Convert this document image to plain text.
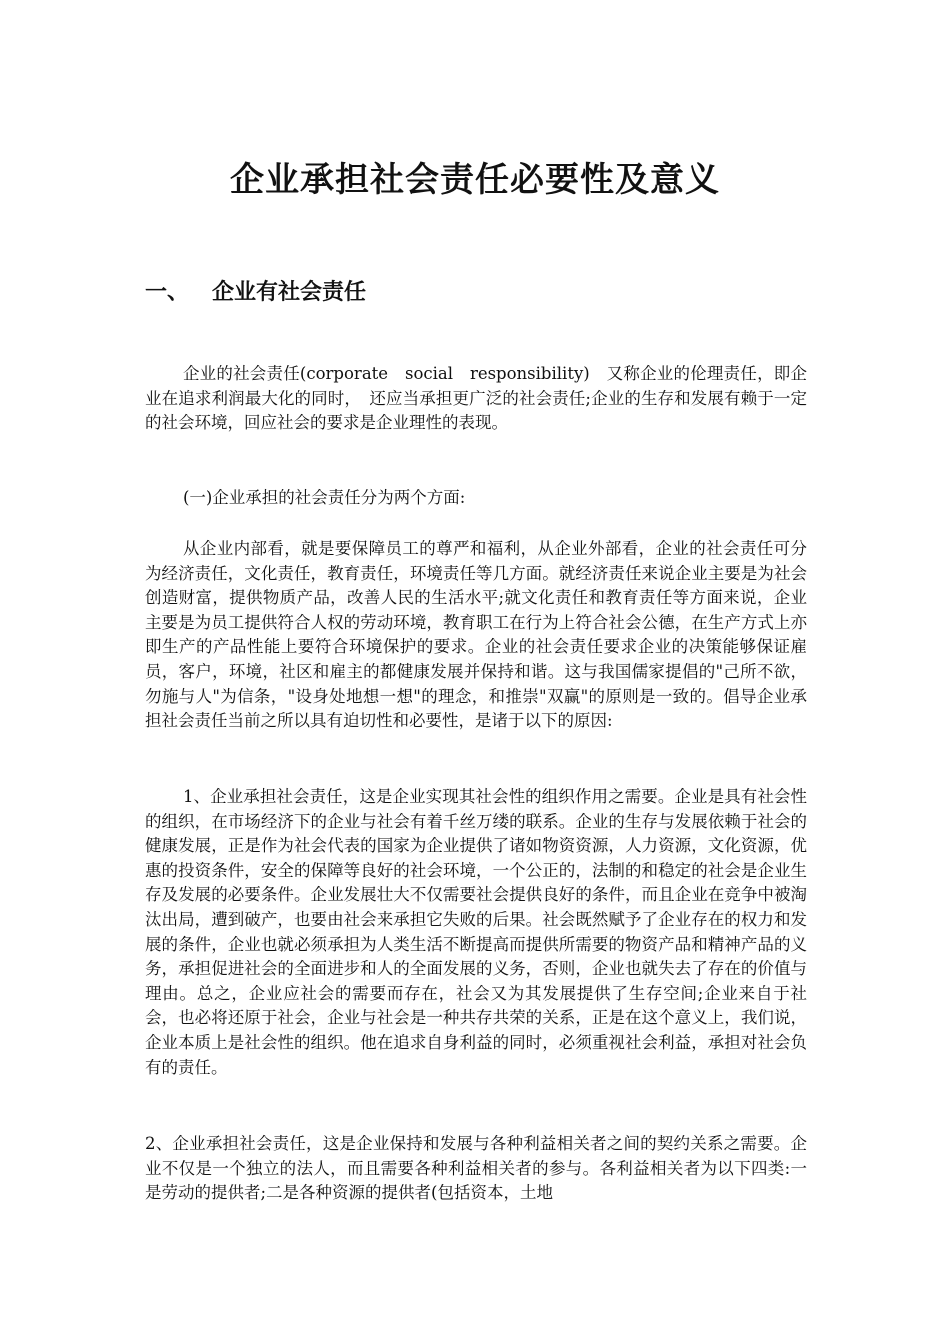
企业承担社会责任必要性及意义
一、 企业有社会责任

企业的社会责任(corporate　social　responsibility)　又称企业的伦理责任，即企业在追求利润最大化的同时，　还应当承担更广泛的社会责任;企业的生存和发展有赖于一定的社会环境，回应社会的要求是企业理性的表现。

(一)企业承担的社会责任分为两个方面:

从企业内部看，就是要保障员工的尊严和福利，从企业外部看，企业的社会责任可分为经济责任，文化责任，教育责任，环境责任等几方面。就经济责任来说企业主要是为社会创造财富，提供物质产品，改善人民的生活水平;就文化责任和教育责任等方面来说，企业主要是为员工提供符合人权的劳动环境，教育职工在行为上符合社会公德，在生产方式上亦即生产的产品性能上要符合环境保护的要求。企业的社会责任要求企业的决策能够保证雇员，客户，环境，社区和雇主的都健康发展并保持和谐。这与我国儒家提倡的"己所不欲，勿施与人"为信条，"设身处地想一想"的理念，和推崇"双赢"的原则是一致的。倡导企业承担社会责任当前之所以具有迫切性和必要性，是诸于以下的原因:

1、企业承担社会责任，这是企业实现其社会性的组织作用之需要。企业是具有社会性的组织，在市场经济下的企业与社会有着千丝万缕的联系。企业的生存与发展依赖于社会的健康发展，正是作为社会代表的国家为企业提供了诸如物资资源，人力资源，文化资源，优惠的投资条件，安全的保障等良好的社会环境，一个公正的，法制的和稳定的社会是企业生存及发展的必要条件。企业发展壮大不仅需要社会提供良好的条件，而且企业在竞争中被淘汰出局，遭到破产，也要由社会来承担它失败的后果。社会既然赋予了企业存在的权力和发展的条件，企业也就必须承担为人类生活不断提高而提供所需要的物资产品和精神产品的义务，承担促进社会的全面进步和人的全面发展的义务，否则，企业也就失去了存在的价值与理由。总之，企业应社会的需要而存在，社会又为其发展提供了生存空间;企业来自于社会，也必将还原于社会，企业与社会是一种共存共荣的关系，正是在这个意义上，我们说，企业本质上是社会性的组织。他在追求自身利益的同时，必须重视社会利益，承担对社会负有的责任。

2、企业承担社会责任，这是企业保持和发展与各种利益相关者之间的契约关系之需要。企业不仅是一个独立的法人，而且需要各种利益相关者的参与。各利益相关者为以下四类:一是劳动的提供者;二是各种资源的提供者(包括资本，土地
